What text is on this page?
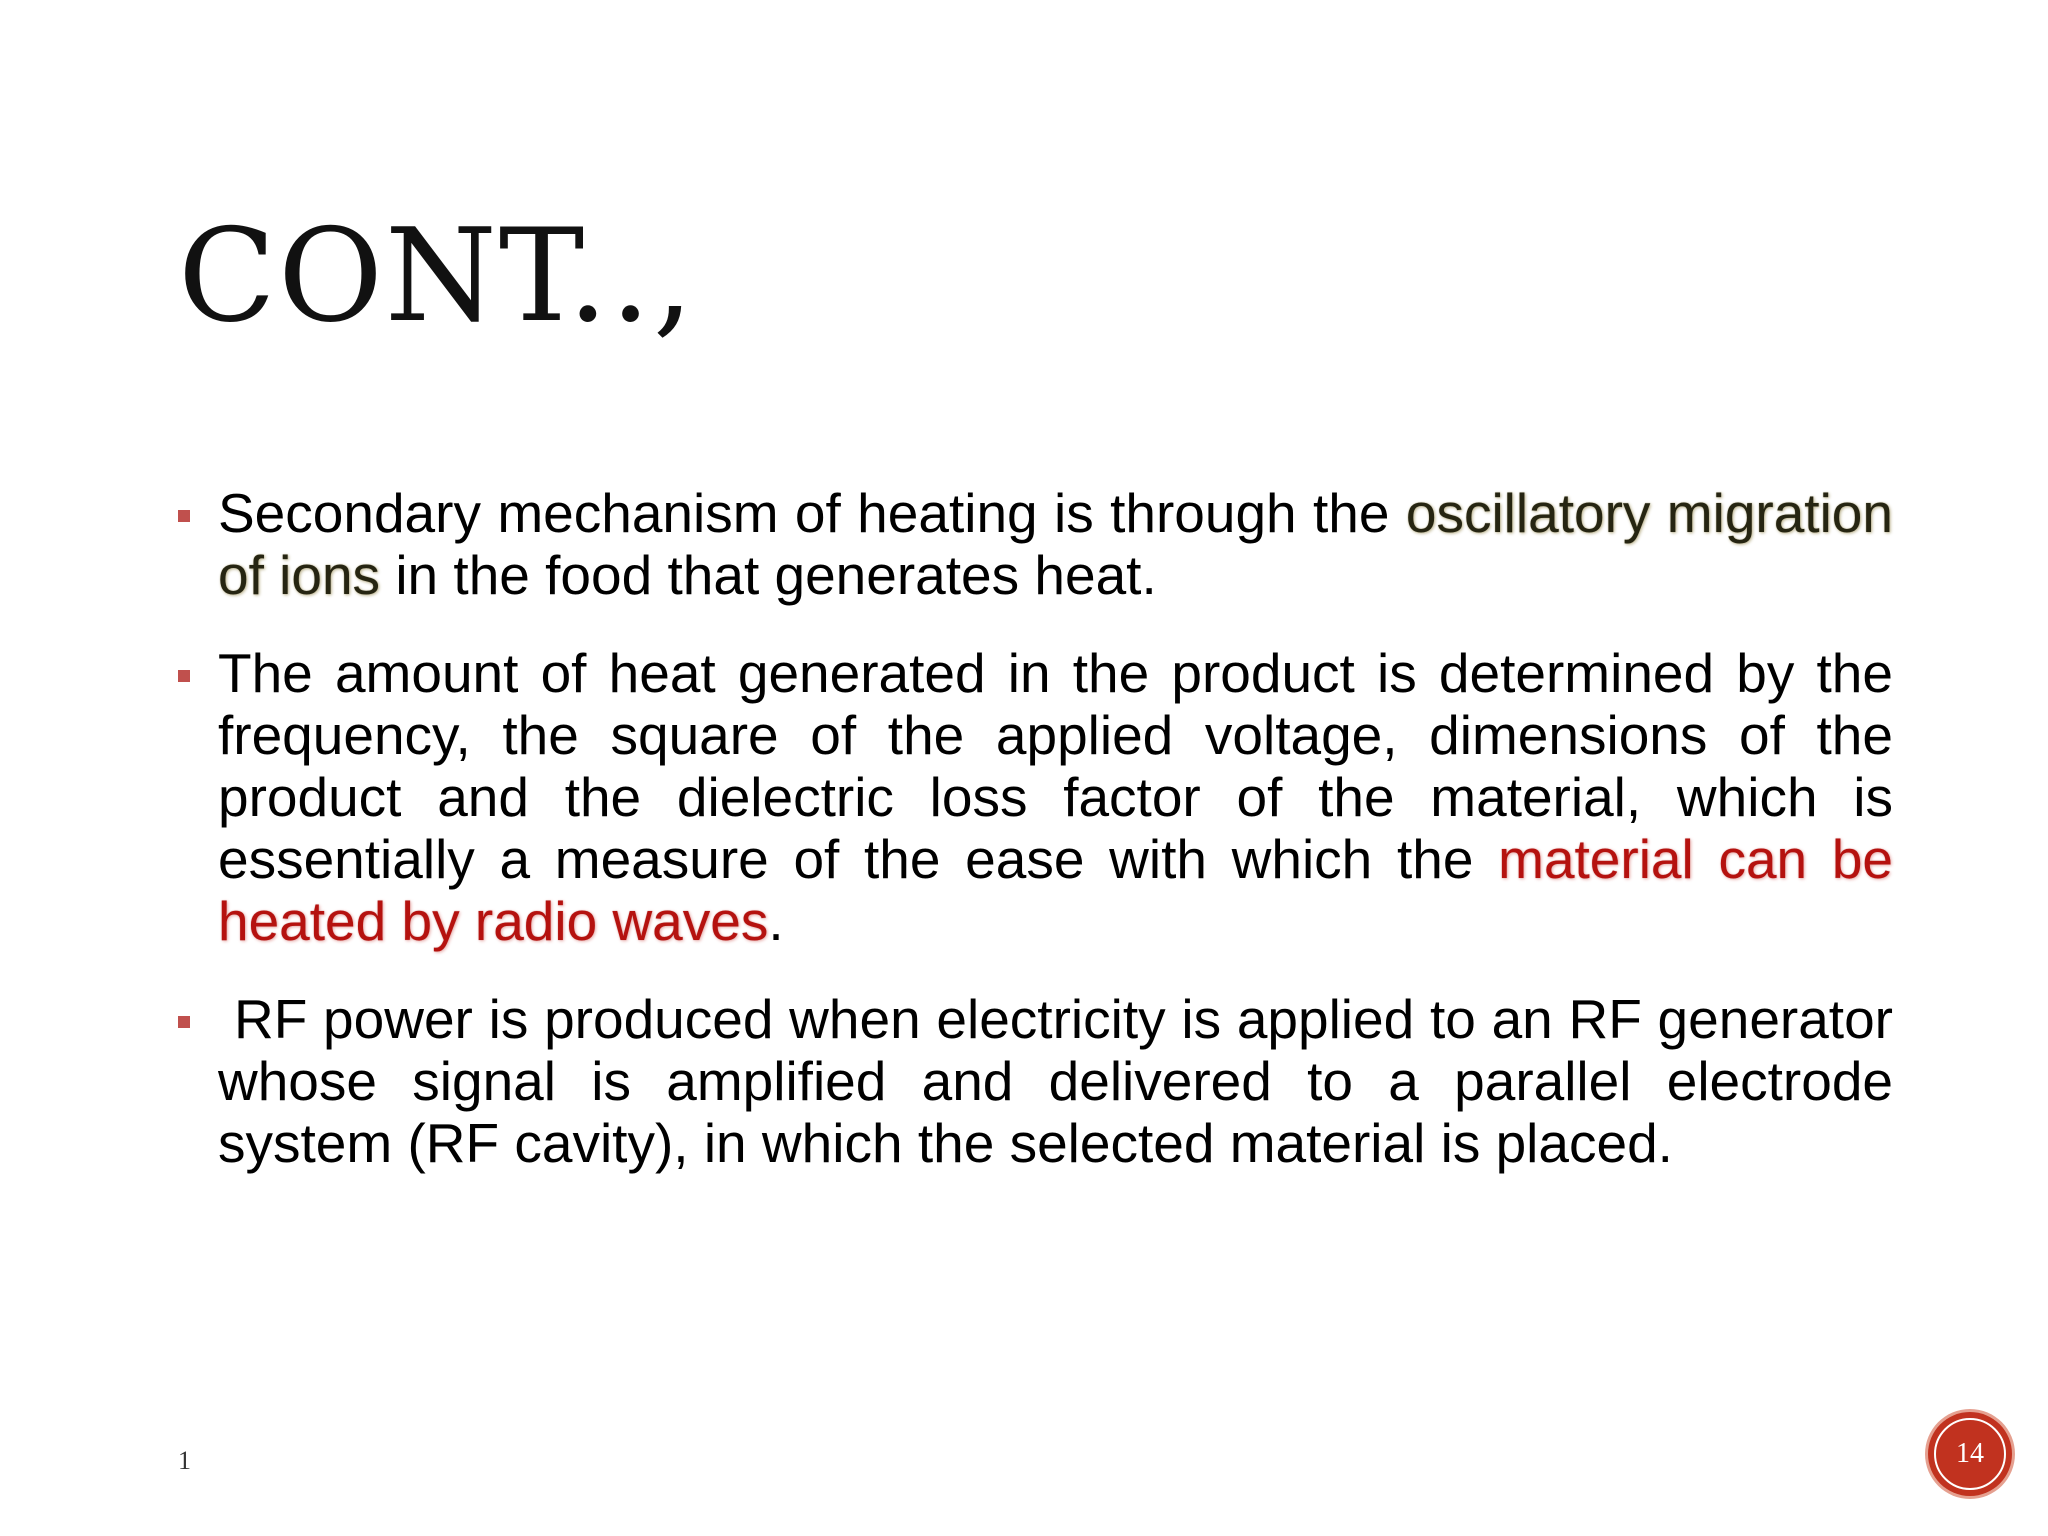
CONT..,

Secondary mechanism of heating is through the oscillatory migration of ions in the food that generates heat.

The amount of heat generated in the product is determined by the frequency, the square of the applied voltage, dimensions of the product and the dielectric loss factor of the material, which is essentially a measure of the ease with which the material can be heated by radio waves.

RF power is produced when electricity is applied to an RF generator whose signal is amplified and delivered to a parallel electrode system (RF cavity), in which the selected material is placed.

1	14
